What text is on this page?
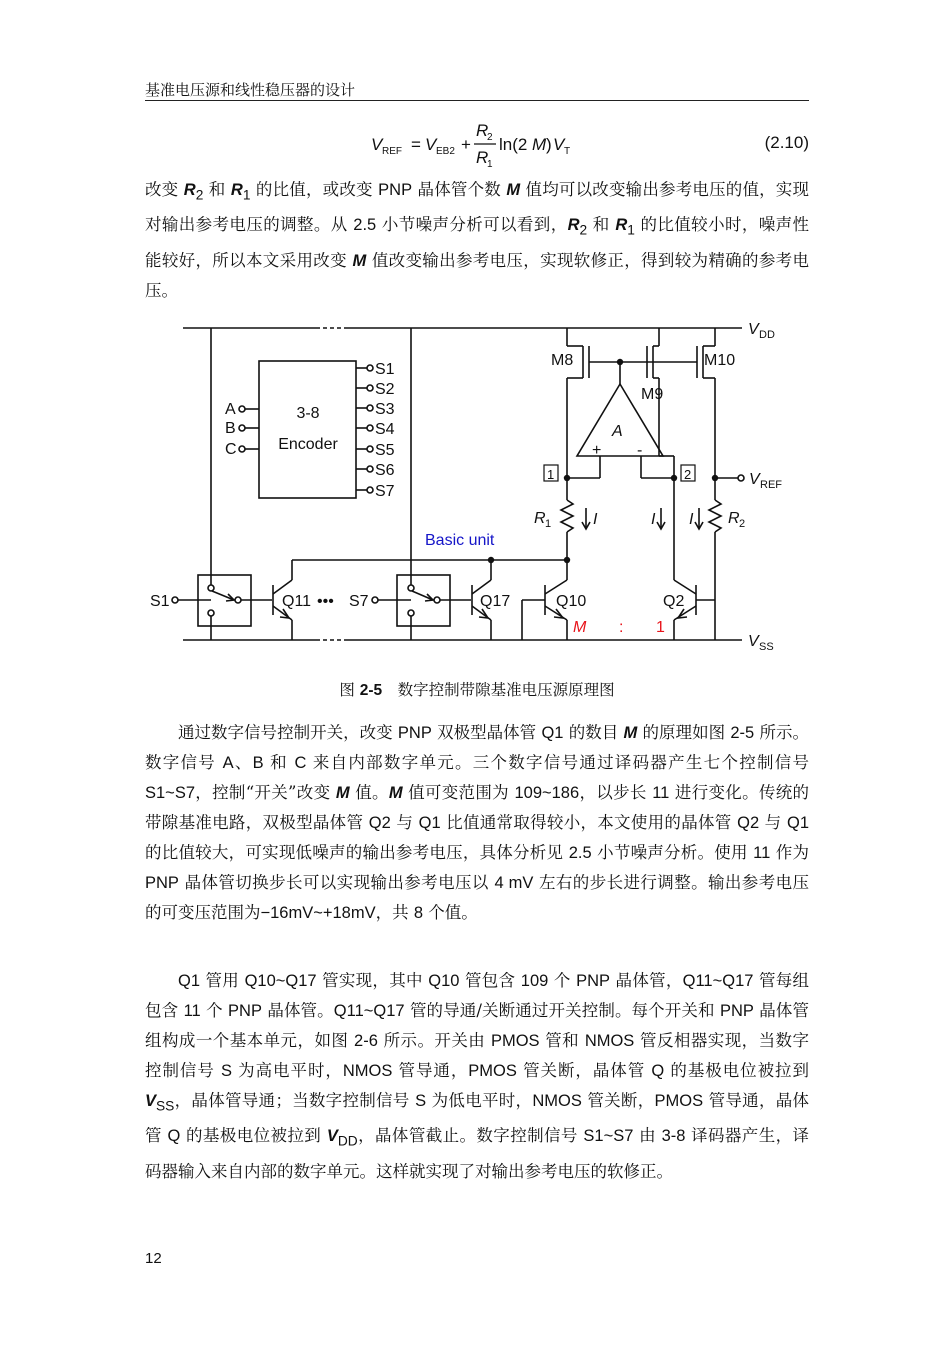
基准电压源和线性稳压器的设计
V REF = V EB2 +
R
2
R
1
ln(2 M ) V T	(2.10)

改变 $R_2$ 和 $R_1$ 的比值，或改变 PNP 晶体管个数 M 值均可以改变输出参考电压的值，实现对输出参考电压的调整。从 2.5 小节噪声分析可以看到，$R_2$ 和 $R_1$ 的比值较小时，噪声性能较好，所以本文采用改变 M 值改变输出参考电压，实现软修正，得到较为精确的参考电压。

V DD
V SS
V REF
3-8
Encoder
A
B
C
S1
S2
S3
S4
S5
S6
S7
M8
M9
M10
A
+ -
1	2
R 1	R 2
I	I I
Basic unit
S1	Q11 ••• S7	Q17	Q10	Q2
M : 1
图 2-5　数字控制带隙基准电压源原理图

通过数字信号控制开关，改变 PNP 双极型晶体管 Q1 的数目 M 的原理如图 2-5 所示。数字信号 A、B 和 C 来自内部数字单元。三个数字信号通过译码器产生七个控制信号 S1~S7，控制“开关”改变 M 值。M 值可变范围为 109~186，以步长 11 进行变化。传统的带隙基准电路，双极型晶体管 Q2 与 Q1 比值通常取得较小，本文使用的晶体管 Q2 与 Q1 的比值较大，可实现低噪声的输出参考电压，具体分析见 2.5 小节噪声分析。使用 11 作为 PNP 晶体管切换步长可以实现输出参考电压以 4 mV 左右的步长进行调整。输出参考电压的可变压范围为−16mV~+18mV，共 8 个值。

Q1 管用 Q10~Q17 管实现，其中 Q10 管包含 109 个 PNP 晶体管，Q11~Q17 管每组包含 11 个 PNP 晶体管。Q11~Q17 管的导通/关断通过开关控制。每个开关和 PNP 晶体管组构成一个基本单元，如图 2-6 所示。开关由 PMOS 管和 NMOS 管反相器实现，当数字控制信号 S 为高电平时，NMOS 管导通，PMOS 管关断，晶体管 Q 的基极电位被拉到 $V_{SS}$，晶体管导通；当数字控制信号 S 为低电平时，NMOS 管关断，PMOS 管导通，晶体管 Q 的基极电位被拉到 $V_{DD}$，晶体管截止。数字控制信号 S1~S7 由 3-8 译码器产生，译码器输入来自内部的数字单元。这样就实现了对输出参考电压的软修正。

12
